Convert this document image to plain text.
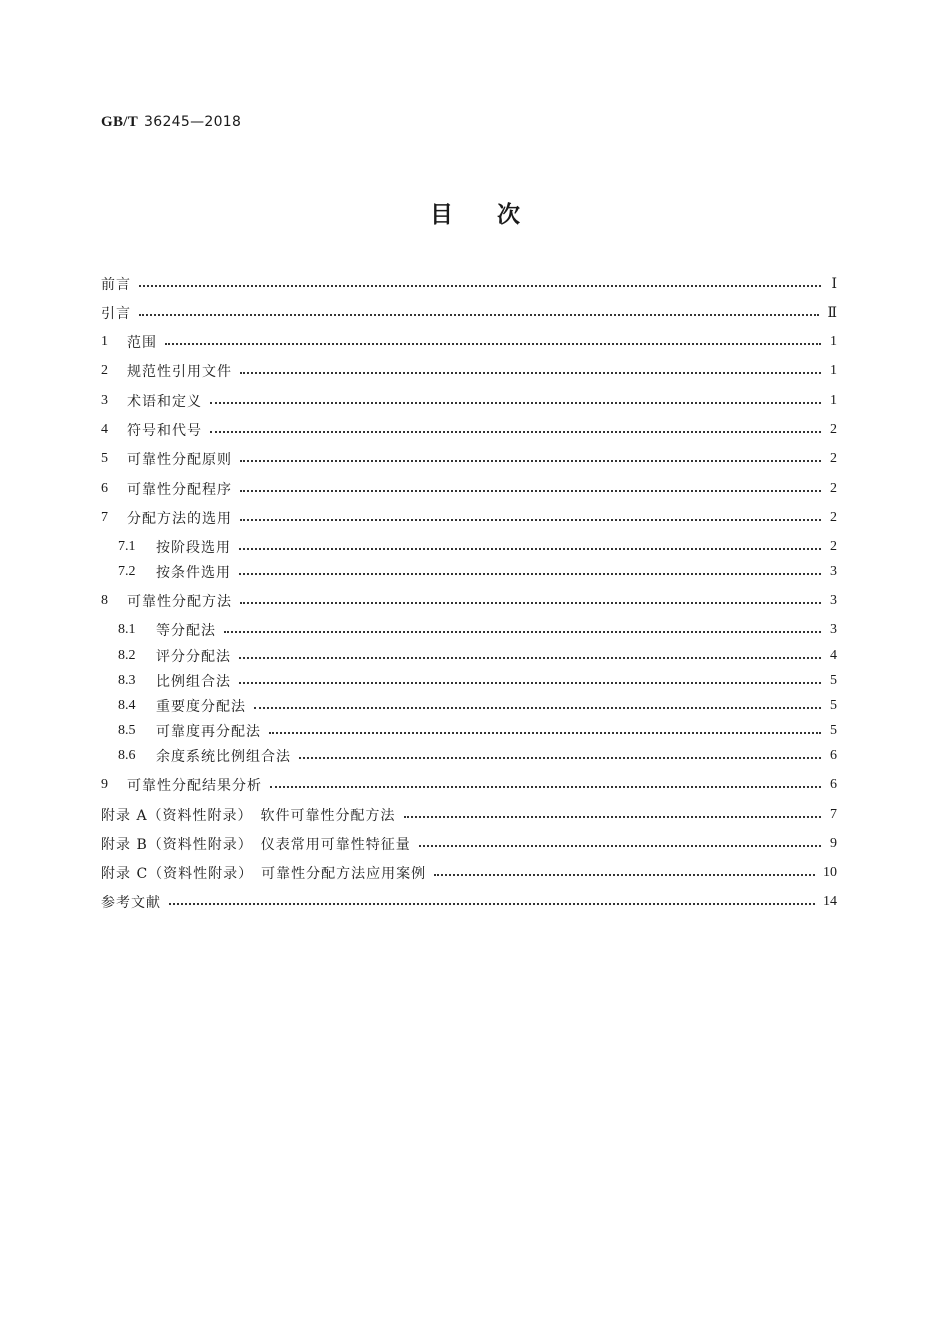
GB/T 36245—2018
目次
前言	Ⅰ
引言	Ⅱ
1	范围	1
2	规范性引用文件	1
3	术语和定义	1
4	符号和代号	2
5	可靠性分配原则	2
6	可靠性分配程序	2
7	分配方法的选用	2
7.1	按阶段选用	2
7.2	按条件选用	3
8	可靠性分配方法	3
8.1	等分配法	3
8.2	评分分配法	4
8.3	比例组合法	5
8.4	重要度分配法	5
8.5	可靠度再分配法	5
8.6	余度系统比例组合法	6
9	可靠性分配结果分析	6
附录 A（资料性附录）　软件可靠性分配方法	7
附录 B（资料性附录）　仪表常用可靠性特征量	9
附录 C（资料性附录）　可靠性分配方法应用案例	10
参考文献	14
